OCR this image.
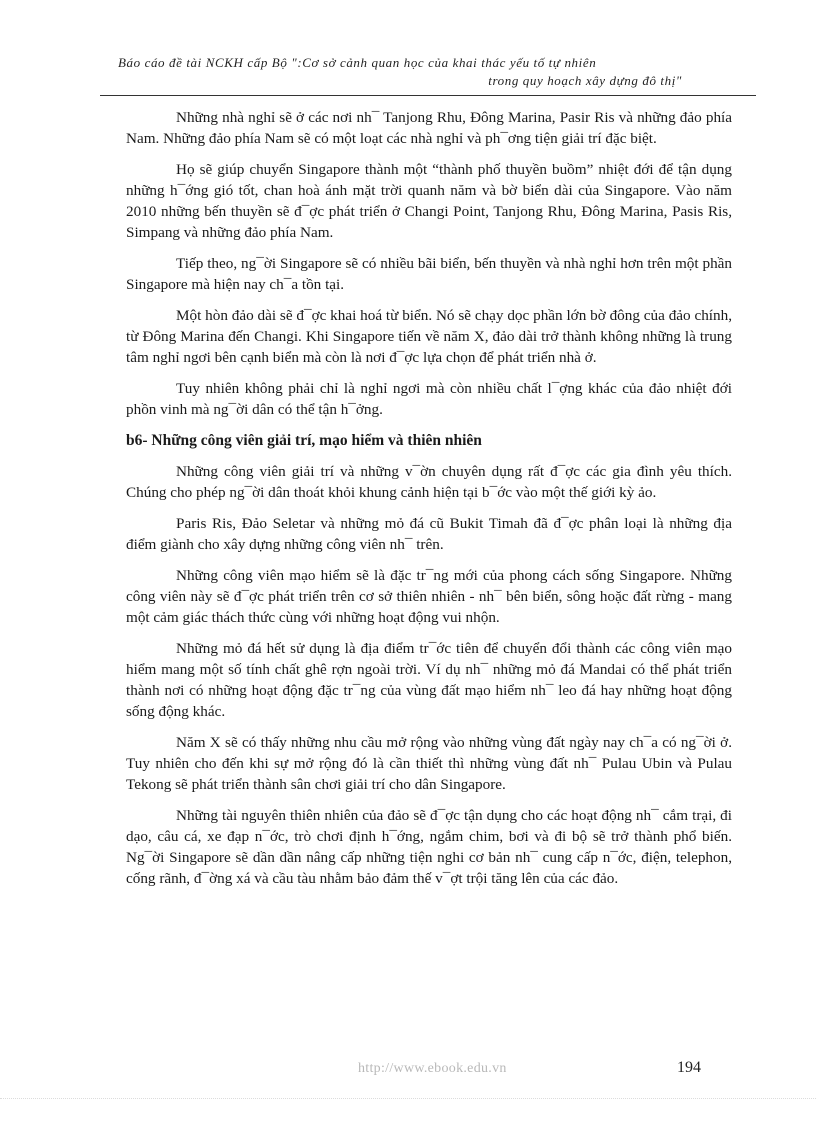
Báo cáo đề tài NCKH cấp Bộ ":Cơ sở cảnh quan học của khai thác yếu tố tự nhiên
trong quy hoạch xây dựng đô thị"

Những nhà nghỉ sẽ ở các nơi nh¯ Tanjong Rhu, Đông Marina, Pasir Ris và những đảo phía Nam. Những đảo phía Nam sẽ có một loạt các nhà nghỉ và ph¯ơng tiện giải trí đặc biệt.

Họ sẽ giúp chuyển Singapore thành một “thành phố thuyền buồm” nhiệt đới để tận dụng những h¯ớng gió tốt, chan hoà ánh mặt trời quanh năm và bờ biển dài của Singapore. Vào năm 2010 những bến thuyền sẽ đ¯ợc phát triển ở Changi Point, Tanjong Rhu, Đông Marina, Pasis Ris, Simpang và những đảo phía Nam.

Tiếp theo, ng¯ời Singapore sẽ có nhiều bãi biển, bến thuyền và nhà nghỉ hơn trên một phần Singapore mà hiện nay ch¯a tồn tại.

Một hòn đảo dài sẽ đ¯ợc khai hoá từ biển. Nó sẽ chạy dọc phần lớn bờ đông của đảo chính, từ Đông Marina đến Changi. Khi Singapore tiến về năm X, đảo dài trở thành không những là trung tâm nghỉ ngơi bên cạnh biển mà còn là nơi đ¯ợc lựa chọn để phát triển nhà ở.

Tuy nhiên không phải chỉ là nghỉ ngơi mà còn nhiều chất l¯ợng khác của đảo nhiệt đới phồn vinh mà ng¯ời dân có thể tận h¯ởng.

b6- Những công viên giải trí, mạo hiểm và thiên nhiên

Những công viên giải trí và những v¯ờn chuyên dụng rất đ¯ợc các gia đình yêu thích. Chúng cho phép ng¯ời dân thoát khỏi khung cảnh hiện tại b¯ớc vào một thế giới kỳ ảo.

Paris Ris, Đảo Seletar và những mỏ đá cũ Bukit Timah đã đ¯ợc phân loại là những địa điểm giành cho xây dựng những công viên nh¯ trên.

Những công viên mạo hiểm sẽ là đặc tr¯ng mới của phong cách sống Singapore. Những công viên này sẽ đ¯ợc phát triển trên cơ sở thiên nhiên - nh¯ bên biển, sông hoặc đất rừng - mang một cảm giác thách thức cùng với những hoạt động vui nhộn.

Những mỏ đá hết sử dụng là địa điểm tr¯ớc tiên để chuyển đổi thành các công viên mạo hiểm mang một số tính chất ghê rợn ngoài trời. Ví dụ nh¯ những mỏ đá Mandai có thể phát triển thành nơi có những hoạt động đặc tr¯ng của vùng đất mạo hiểm nh¯ leo đá hay những hoạt động sống động khác.

Năm X sẽ có thấy những nhu cầu mở rộng vào những vùng đất ngày nay ch¯a có ng¯ời ở. Tuy nhiên cho đến khi sự mở rộng đó là cần thiết thì những vùng đất nh¯ Pulau Ubin và Pulau Tekong sẽ phát triển thành sân chơi giải trí cho dân Singapore.

Những tài nguyên thiên nhiên của đảo sẽ đ¯ợc tận dụng cho các hoạt động nh¯ cắm trại, đi dạo, câu cá, xe đạp n¯ớc, trò chơi định h¯ớng, ngắm chim, bơi và đi bộ sẽ trở thành phổ biến. Ng¯ời Singapore sẽ dần dần nâng cấp những tiện nghi cơ bản nh¯ cung cấp n¯ớc, điện, telephon, cống rãnh, đ¯ờng xá và cầu tàu nhằm bảo đảm thế v¯ợt trội tăng lên của các đảo.

http://www.ebook.edu.vn	194
